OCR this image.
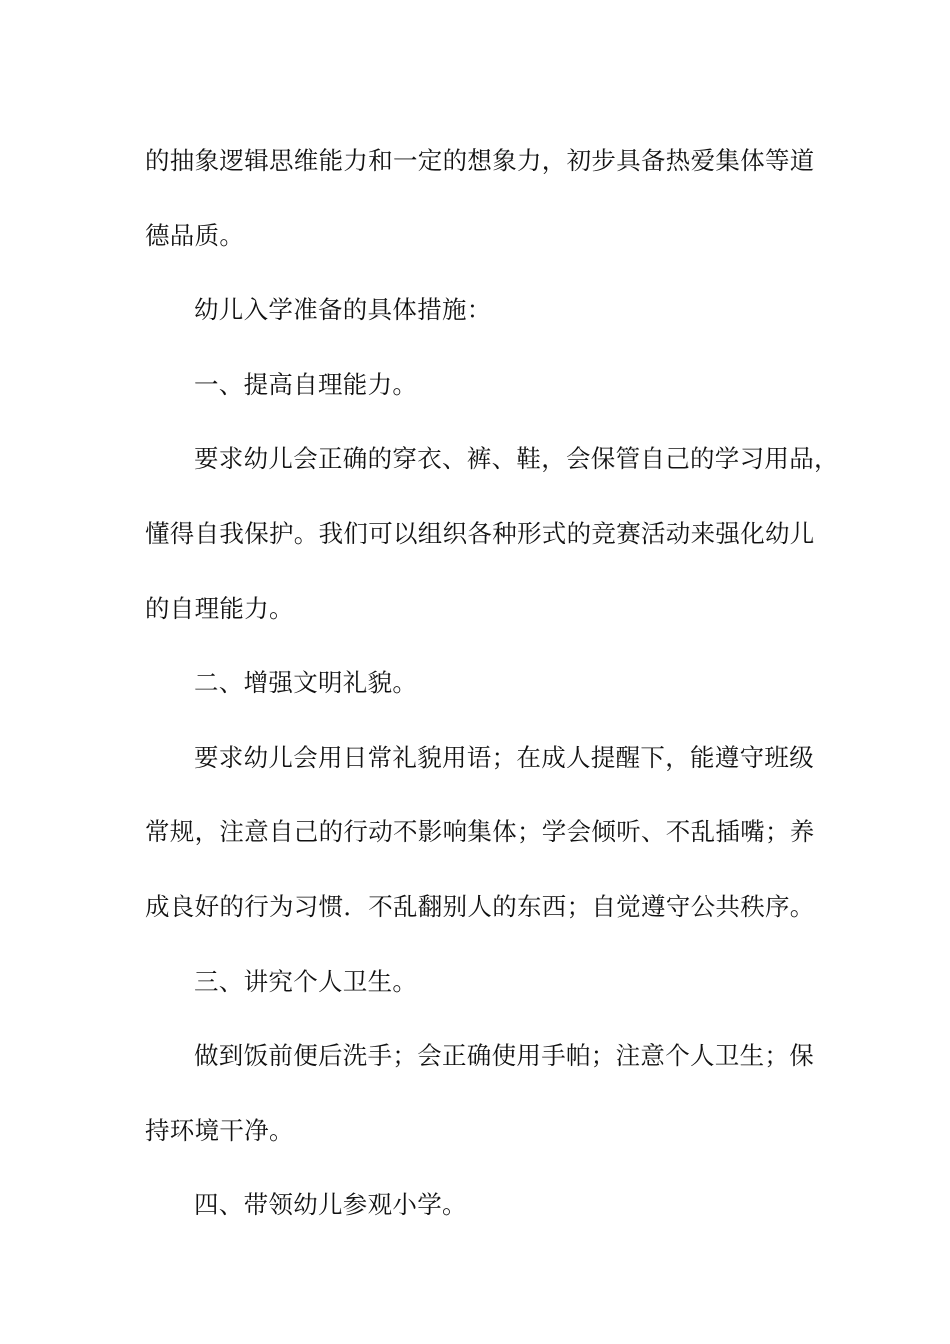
的抽象逻辑思维能力和一定的想象力，初步具备热爱集体等道
德品质。
幼儿入学准备的具体措施：
一、提高自理能力。
要求幼儿会正确的穿衣、裤、鞋，会保管自己的学习用品，
懂得自我保护。我们可以组织各种形式的竞赛活动来强化幼儿
的自理能力。
二、增强文明礼貌。
要求幼儿会用日常礼貌用语；在成人提醒下，能遵守班级
常规，注意自己的行动不影响集体；学会倾听、不乱插嘴；养
成良好的行为习惯．不乱翻别人的东西；自觉遵守公共秩序。
三、讲究个人卫生。
做到饭前便后洗手；会正确使用手帕；注意个人卫生；保
持环境干净。
四、带领幼儿参观小学。
